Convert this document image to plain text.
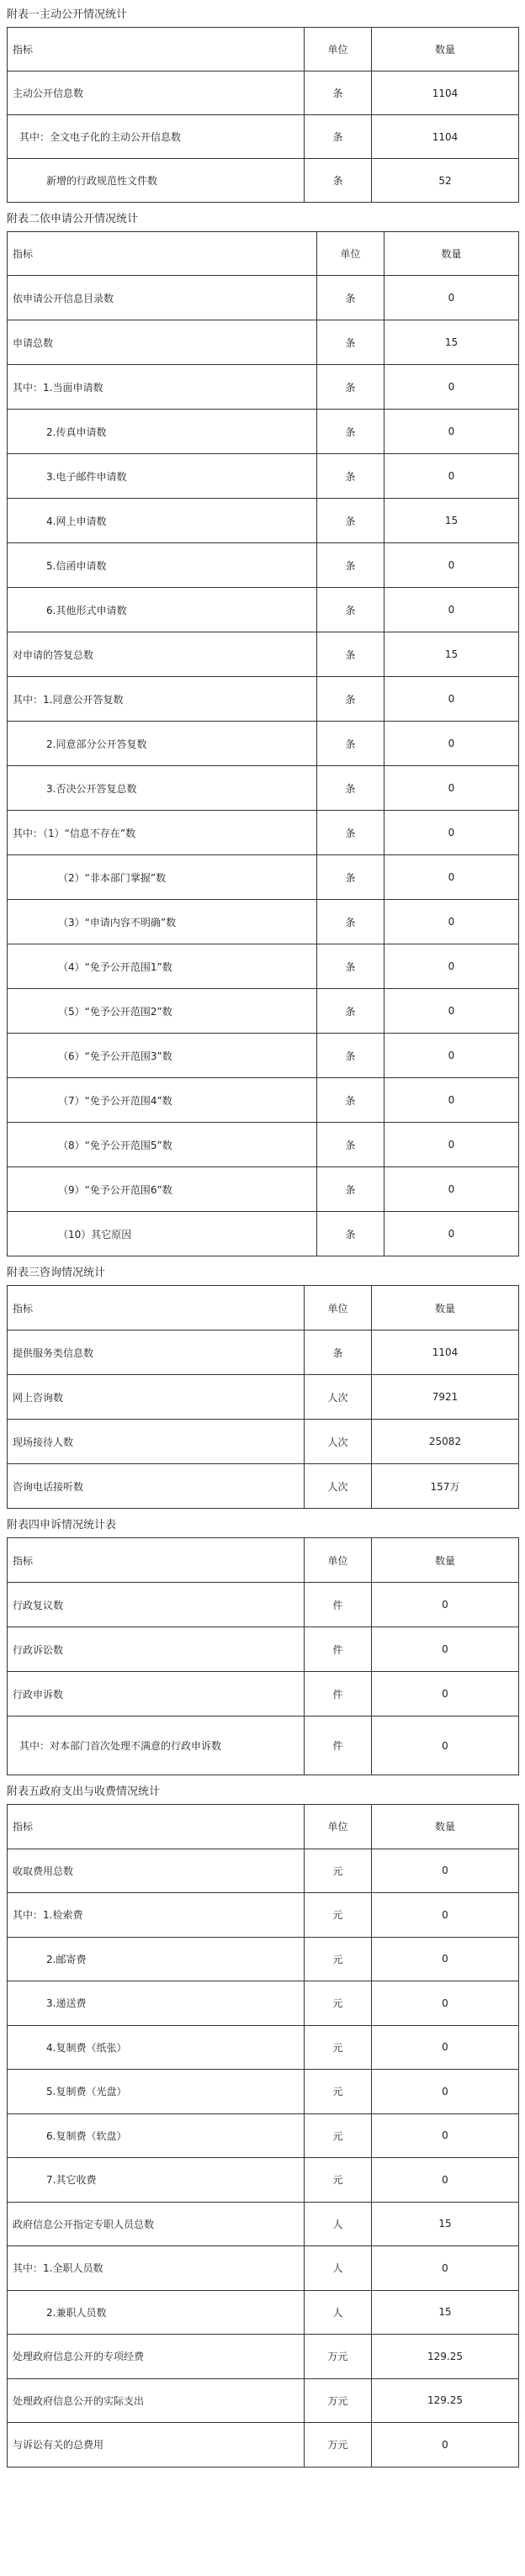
附表一主动公开情况统计
指标	单位	数量
主动公开信息数	条	1104
其中：全文电子化的主动公开信息数	条	1104
新增的行政规范性文件数	条	52
附表二依申请公开情况统计
指标	单位	数量
依申请公开信息目录数	条	0
申请总数	条	15
其中：1.当面申请数	条	0
2.传真申请数	条	0
3.电子邮件申请数	条	0
4.网上申请数	条	15
5.信函申请数	条	0
6.其他形式申请数	条	0
对申请的答复总数	条	15
其中：1.同意公开答复数	条	0
2.同意部分公开答复数	条	0
3.否决公开答复总数	条	0
其中：（1）“信息不存在”数	条	0
（2）“非本部门掌握”数	条	0
（3）“申请内容不明确”数	条	0
（4）“免予公开范围1”数	条	0
（5）“免予公开范围2”数	条	0
（6）“免予公开范围3”数	条	0
（7）“免予公开范围4”数	条	0
（8）“免予公开范围5”数	条	0
（9）“免予公开范围6”数	条	0
（10）其它原因	条	0
附表三咨询情况统计
指标	单位	数量
提供服务类信息数	条	1104
网上咨询数	人次	7921
现场接待人数	人次	25082
咨询电话接听数	人次	157万
附表四申诉情况统计表
指标	单位	数量
行政复议数	件	0
行政诉讼数	件	0
行政申诉数	件	0
其中：对本部门首次处理不满意的行政申诉数	件	0
附表五政府支出与收费情况统计
指标	单位	数量
收取费用总数	元	0
其中：1.检索费	元	0
2.邮寄费	元	0
3.递送费	元	0
4.复制费（纸张）	元	0
5.复制费（光盘）	元	0
6.复制费（软盘）	元	0
7.其它收费	元	0
政府信息公开指定专职人员总数	人	15
其中：1.全职人员数	人	0
2.兼职人员数	人	15
处理政府信息公开的专项经费	万元	129.25
处理政府信息公开的实际支出	万元	129.25
与诉讼有关的总费用	万元	0
